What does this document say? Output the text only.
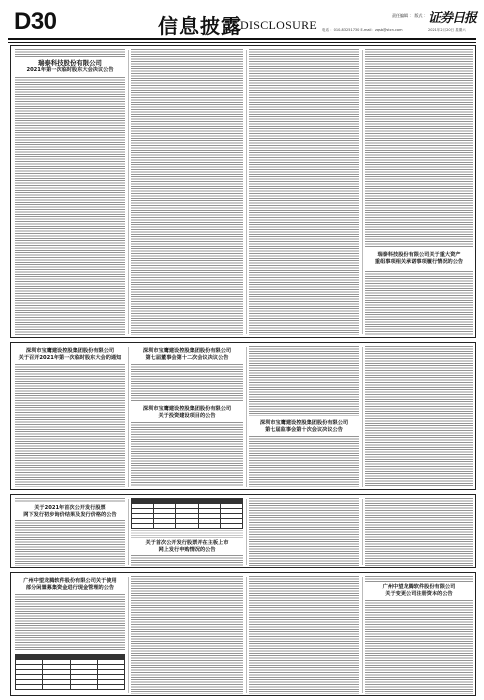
D30	信息披露
DISCLOSURE
责任编辑 ： 版式 ：
电话 ：010-83251730 E-mail：zqsb@stcn.com
证券日报
2021年2月20日 星期六
瑞泰科技股份有限公司
2021年第一次临时股东大会决议公告
瑞泰科技股份有限公司关于重大资产
重组事项相关承诺事项履行情况的公告
深圳市宝鹰建设控股集团股份有限公司
关于召开2021年第一次临时股东大会的通知
深圳市宝鹰建设控股集团股份有限公司
第七届董事会第十二次会议决议公告
深圳市宝鹰建设控股集团股份有限公司
关于投资建设项目的公告
深圳市宝鹰建设控股集团股份有限公司
第七届监事会第十次会议决议公告
关于2021年首次公开发行股票
网下发行初步询价结果及发行价格的公告

关于首次公开发行股票并在主板上市
网上发行申购情况的公告
广州中望龙腾软件股份有限公司关于使用
部分闲置募集资金进行现金管理的公告

				广州中望龙腾软件股份有限公司
关于变更公司注册资本的公告
